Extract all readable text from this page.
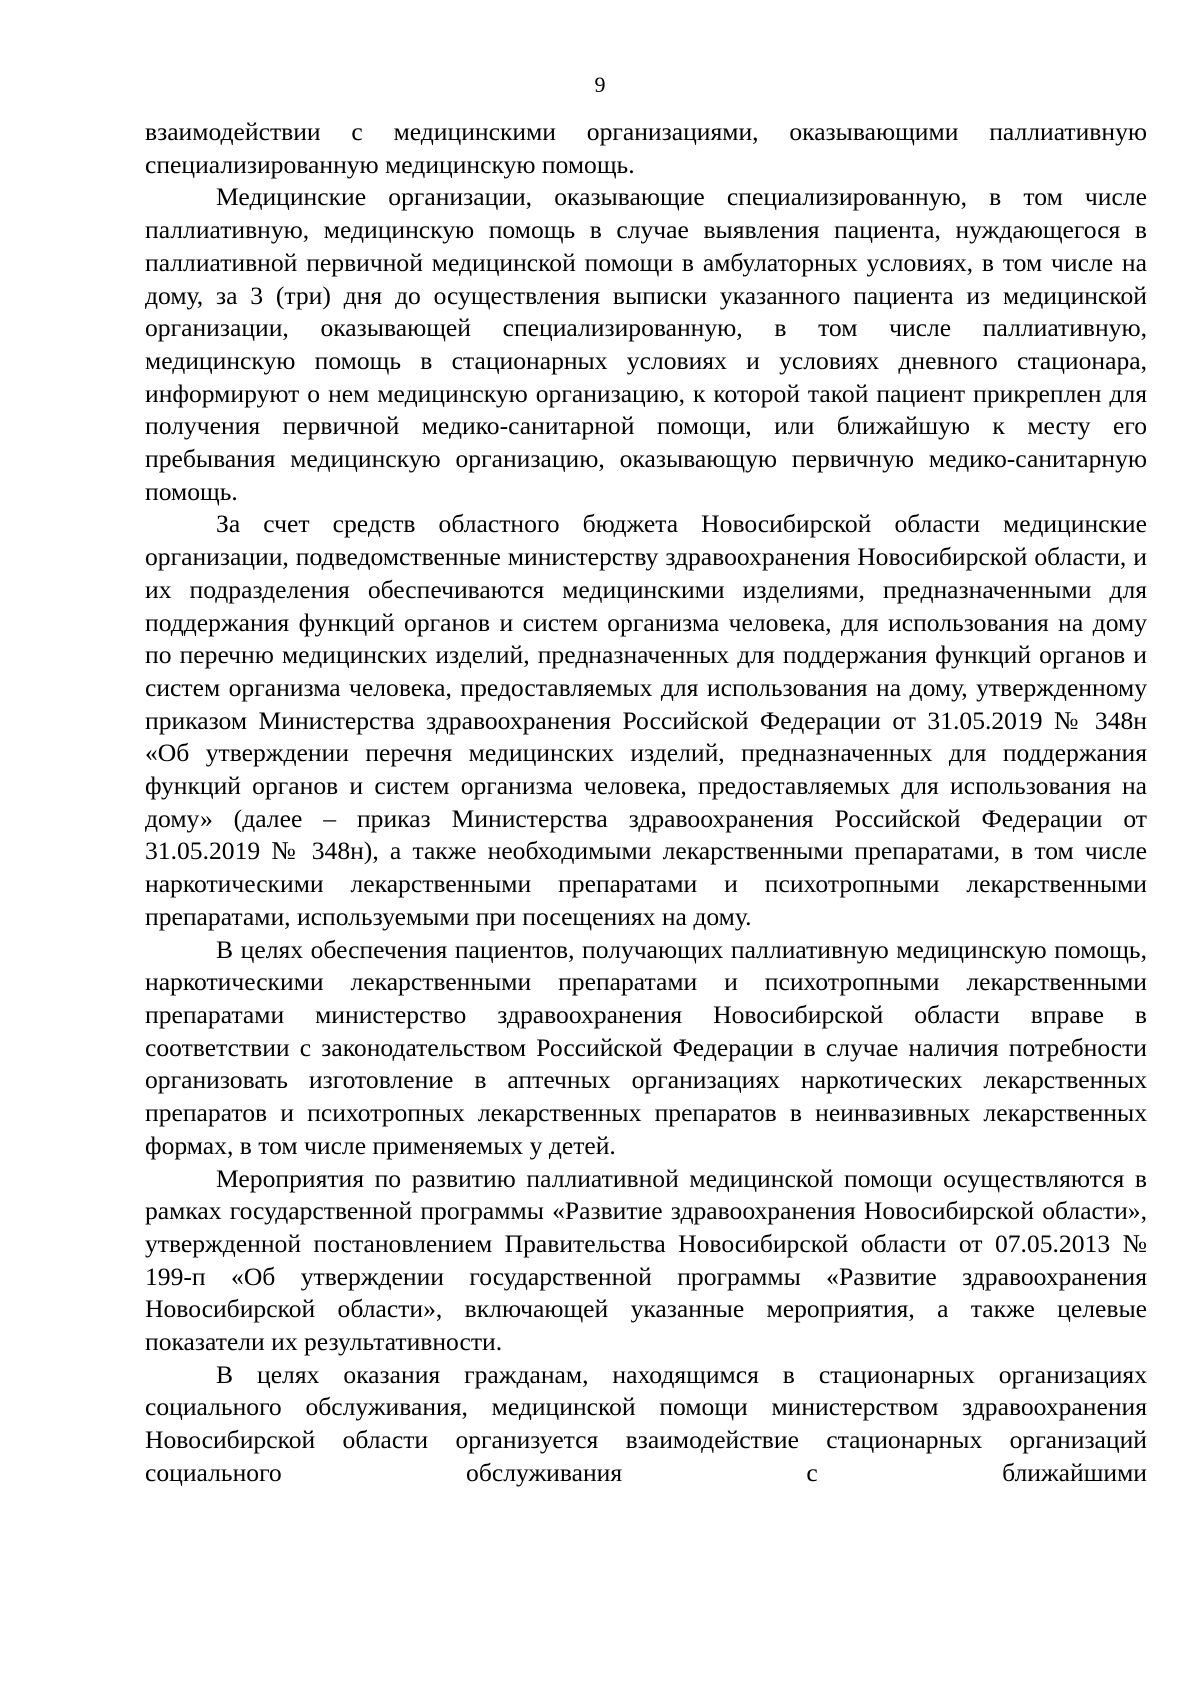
9

взаимодействии с медицинскими организациями, оказывающими паллиативную специализированную медицинскую помощь.

Медицинские организации, оказывающие специализированную, в том числе паллиативную, медицинскую помощь в случае выявления пациента, нуждающегося в паллиативной первичной медицинской помощи в амбулаторных условиях, в том числе на дому, за 3 (три) дня до осуществления выписки указанного пациента из медицинской организации, оказывающей специализированную, в том числе паллиативную, медицинскую помощь в стационарных условиях и условиях дневного стационара, информируют о нем медицинскую организацию, к которой такой пациент прикреплен для получения первичной медико-санитарной помощи, или ближайшую к месту его пребывания медицинскую организацию, оказывающую первичную медико-санитарную помощь.

За счет средств областного бюджета Новосибирской области медицинские организации, подведомственные министерству здравоохранения Новосибирской области, и их подразделения обеспечиваются медицинскими изделиями, предназначенными для поддержания функций органов и систем организма человека, для использования на дому по перечню медицинских изделий, предназначенных для поддержания функций органов и систем организма человека, предоставляемых для использования на дому, утвержденному приказом Министерства здравоохранения Российской Федерации от 31.05.2019 № 348н «Об утверждении перечня медицинских изделий, предназначенных для поддержания функций органов и систем организма человека, предоставляемых для использования на дому» (далее – приказ Министерства здравоохранения Российской Федерации от 31.05.2019 № 348н), а также необходимыми лекарственными препаратами, в том числе наркотическими лекарственными препаратами и психотропными лекарственными препаратами, используемыми при посещениях на дому.

В целях обеспечения пациентов, получающих паллиативную медицинскую помощь, наркотическими лекарственными препаратами и психотропными лекарственными препаратами министерство здравоохранения Новосибирской области вправе в соответствии с законодательством Российской Федерации в случае наличия потребности организовать изготовление в аптечных организациях наркотических лекарственных препаратов и психотропных лекарственных препаратов в неинвазивных лекарственных формах, в том числе применяемых у детей.

Мероприятия по развитию паллиативной медицинской помощи осуществляются в рамках государственной программы «Развитие здравоохранения Новосибирской области», утвержденной постановлением Правительства Новосибирской области от 07.05.2013 № 199-п «Об утверждении государственной программы «Развитие здравоохранения Новосибирской области», включающей указанные мероприятия, а также целевые показатели их результативности.

В целях оказания гражданам, находящимся в стационарных организациях социального обслуживания, медицинской помощи министерством здравоохранения Новосибирской области организуется взаимодействие стационарных организаций социального обслуживания с ближайшими
